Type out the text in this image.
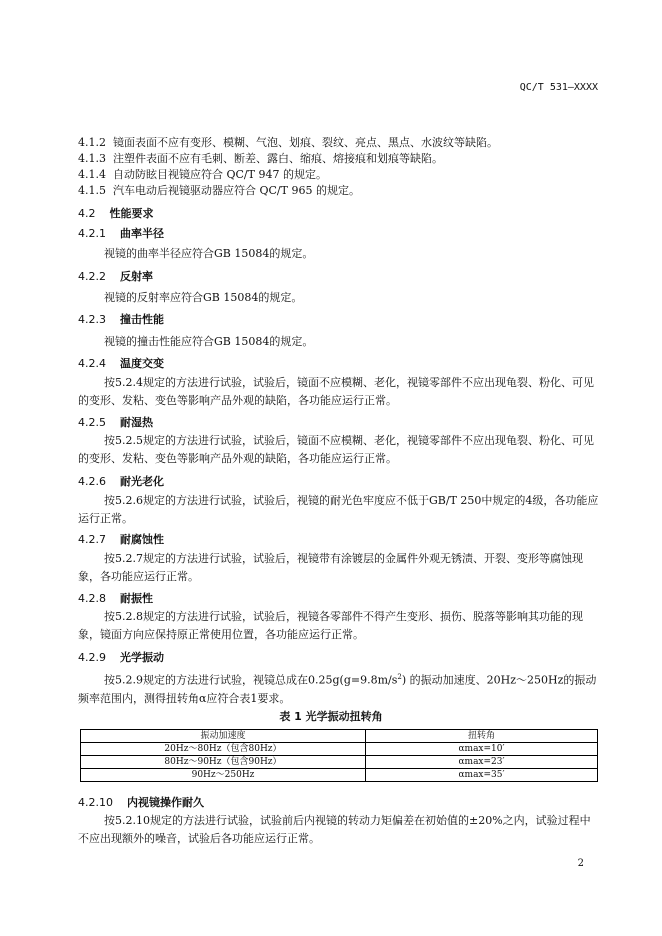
QC/T 531—XXXX
4.1.2 镜面表面不应有变形、模糊、气泡、划痕、裂纹、亮点、黑点、水波纹等缺陷。
4.1.3 注塑件表面不应有毛刺、断差、露白、缩痕、熔接痕和划痕等缺陷。
4.1.4 自动防眩目视镜应符合 QC/T 947 的规定。
4.1.5 汽车电动后视镜驱动器应符合 QC/T 965 的规定。
4.2 性能要求
4.2.1 曲率半径
视镜的曲率半径应符合GB 15084的规定。
4.2.2 反射率
视镜的反射率应符合GB 15084的规定。
4.2.3 撞击性能
视镜的撞击性能应符合GB 15084的规定。
4.2.4 温度交变
按5.2.4规定的方法进行试验，试验后，镜面不应模糊、老化，视镜零部件不应出现龟裂、粉化、可见的变形、发粘、变色等影响产品外观的缺陷，各功能应运行正常。
4.2.5 耐湿热
按5.2.5规定的方法进行试验，试验后，镜面不应模糊、老化，视镜零部件不应出现龟裂、粉化、可见的变形、发粘、变色等影响产品外观的缺陷，各功能应运行正常。
4.2.6 耐光老化
按5.2.6规定的方法进行试验，试验后，视镜的耐光色牢度应不低于GB/T 250中规定的4级，各功能应运行正常。
4.2.7 耐腐蚀性
按5.2.7规定的方法进行试验，试验后，视镜带有涂镀层的金属件外观无锈渍、开裂、变形等腐蚀现象，各功能应运行正常。
4.2.8 耐振性
按5.2.8规定的方法进行试验，试验后，视镜各零部件不得产生变形、损伤、脱落等影响其功能的现象，镜面方向应保持原正常使用位置，各功能应运行正常。
4.2.9 光学振动
按5.2.9规定的方法进行试验，视镜总成在$0.25g(g=9.8m/s^2)$ 的振动加速度、20Hz～250Hz的振动频率范围内，测得扭转角α应符合表1要求。
表 1 光学振动扭转角
振动加速度	扭转角
20Hz～80Hz（包含80Hz）	αmax=10′
80Hz～90Hz（包含90Hz）	αmax=23′
90Hz～250Hz	αmax=35′
4.2.10 内视镜操作耐久
按5.2.10规定的方法进行试验，试验前后内视镜的转动力矩偏差在初始值的±20%之内，试验过程中不应出现额外的噪音，试验后各功能应运行正常。
2
